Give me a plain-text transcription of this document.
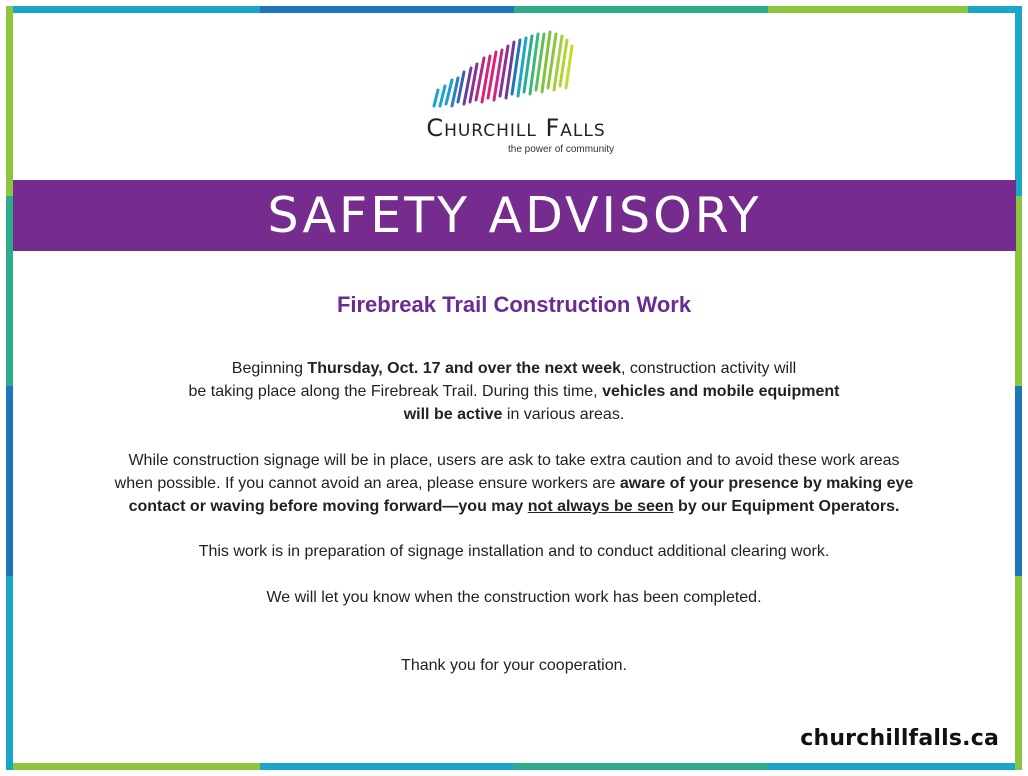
Churchill Falls
the power of community
SAFETY ADVISORY
Firebreak Trail Construction Work
Beginning Thursday, Oct. 17 and over the next week, construction activity will
be taking place along the Firebreak Trail. During this time, vehicles and mobile equipment
will be active in various areas.
While construction signage will be in place, users are ask to take extra caution and to avoid these work areas
when possible. If you cannot avoid an area, please ensure workers are aware of your presence by making eye
contact or waving before moving forward—you may not always be seen by our Equipment Operators.
This work is in preparation of signage installation and to conduct additional clearing work.
We will let you know when the construction work has been completed.
Thank you for your cooperation.
churchillfalls.ca
